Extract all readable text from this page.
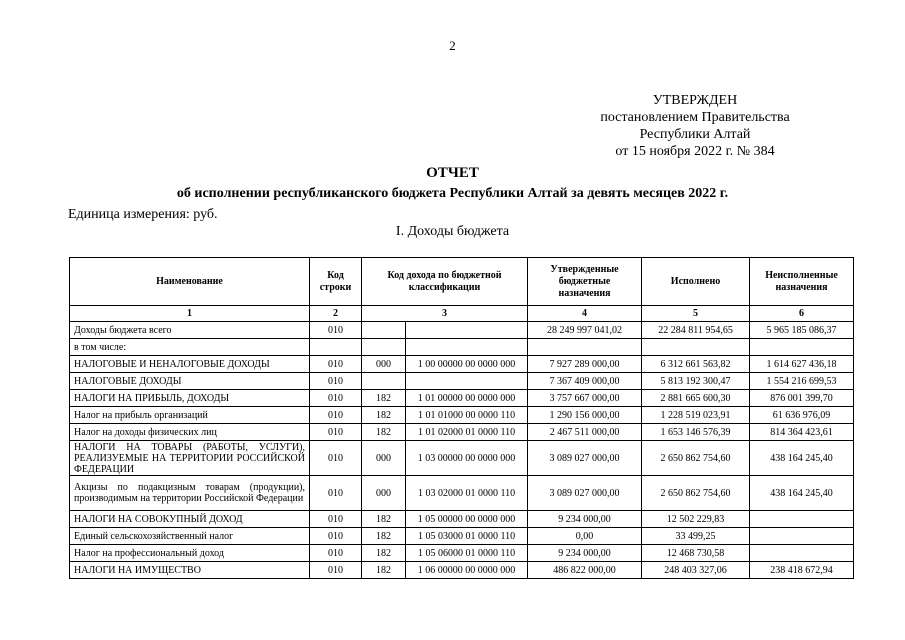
2
УТВЕРЖДЕН
постановлением Правительства
Республики Алтай
от 15 ноября 2022 г. № 384
ОТЧЕТ
об исполнении республиканского бюджета Республики Алтай за девять месяцев 2022 г.
Единица измерения: руб.
I. Доходы бюджета
Наименование	Код строки	Код дохода по бюджетной классификации		Утвержденные бюджетные назначения	Исполнено	Неисполненные назначения
1	2	3		4	5	6
Доходы бюджета всего	010			28 249 997 041,02	22 284 811 954,65	5 965 185 086,37
в том числе:						
НАЛОГОВЫЕ И НЕНАЛОГОВЫЕ ДОХОДЫ	010	000	1 00 00000 00 0000 000	7 927 289 000,00	6 312 661 563,82	1 614 627 436,18
НАЛОГОВЫЕ ДОХОДЫ	010			7 367 409 000,00	5 813 192 300,47	1 554 216 699,53
НАЛОГИ НА ПРИБЫЛЬ, ДОХОДЫ	010	182	1 01 00000 00 0000 000	3 757 667 000,00	2 881 665 600,30	876 001 399,70
Налог на прибыль организаций	010	182	1 01 01000 00 0000 110	1 290 156 000,00	1 228 519 023,91	61 636 976,09
Налог на доходы физических лиц	010	182	1 01 02000 01 0000 110	2 467 511 000,00	1 653 146 576,39	814 364 423,61
НАЛОГИ НА ТОВАРЫ (РАБОТЫ, УСЛУГИ), РЕАЛИЗУЕМЫЕ НА ТЕРРИТОРИИ РОССИЙСКОЙ ФЕДЕРАЦИИ	010	000	1 03 00000 00 0000 000	3 089 027 000,00	2 650 862 754,60	438 164 245,40
Акцизы по подакцизным товарам (продукции), производимым на территории Российской Федерации	010	000	1 03 02000 01 0000 110	3 089 027 000,00	2 650 862 754,60	438 164 245,40
НАЛОГИ НА СОВОКУПНЫЙ ДОХОД	010	182	1 05 00000 00 0000 000	9 234 000,00	12 502 229,83	
Единый сельскохозяйственный налог	010	182	1 05 03000 01 0000 110	0,00	33 499,25	
Налог на профессиональный доход	010	182	1 05 06000 01 0000 110	9 234 000,00	12 468 730,58	
НАЛОГИ НА ИМУЩЕСТВО	010	182	1 06 00000 00 0000 000	486 822 000,00	248 403 327,06	238 418 672,94
